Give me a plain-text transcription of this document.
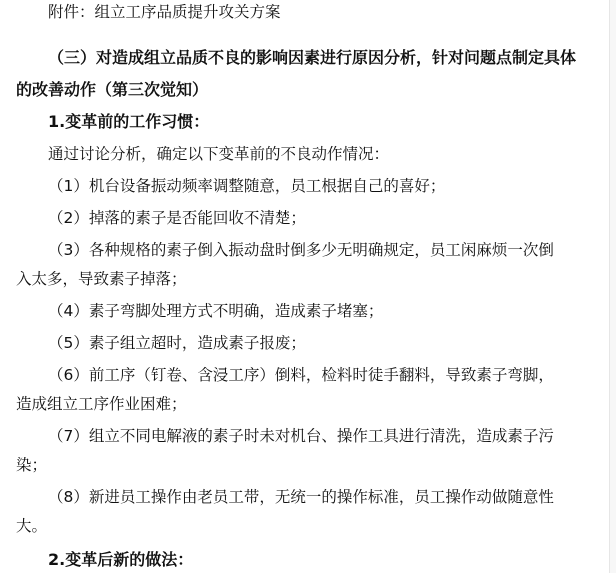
附件：组立工序品质提升攻关方案
（三）对造成组立品质不良的影响因素进行原因分析，针对问题点制定具体
的改善动作（第三次觉知）
1.变革前的工作习惯：
通过讨论分析，确定以下变革前的不良动作情况：
（1）机台设备振动频率调整随意，员工根据自己的喜好；
（2）掉落的素子是否能回收不清楚；
（3）各种规格的素子倒入振动盘时倒多少无明确规定，员工闲麻烦一次倒
入太多，导致素子掉落；
（4）素子弯脚处理方式不明确，造成素子堵塞；
（5）素子组立超时，造成素子报废；
（6）前工序（钉卷、含浸工序）倒料，检料时徒手翻料，导致素子弯脚，
造成组立工序作业困难；
（7）组立不同电解液的素子时未对机台、操作工具进行清洗，造成素子污
染；
（8）新进员工操作由老员工带，无统一的操作标准，员工操作动做随意性
大。
2.变革后新的做法：
